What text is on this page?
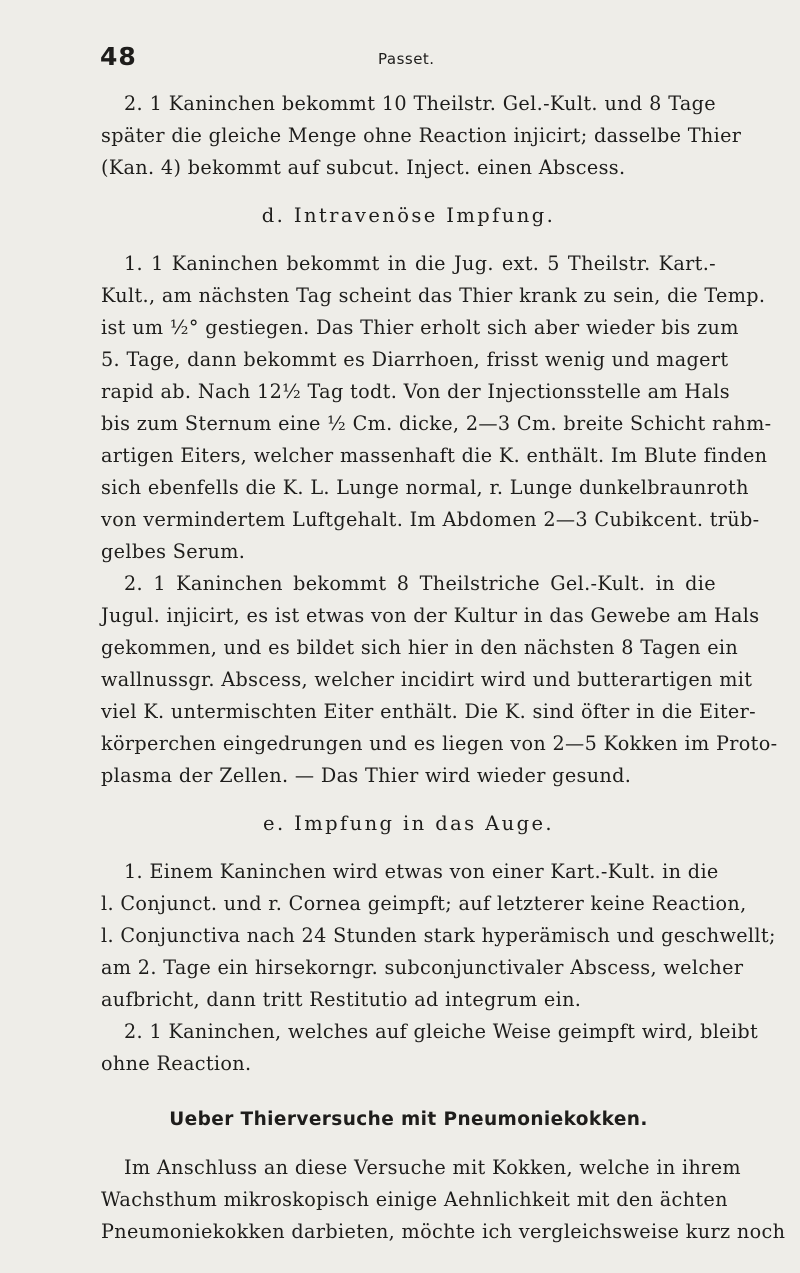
48	Passet.
2. 1 Kaninchen bekommt 10 Theilstr. Gel.-Kult. und 8 Tage
später die gleiche Menge ohne Reaction injicirt; dasselbe Thier
(Kan. 4) bekommt auf subcut. Inject. einen Abscess.
d. Intravenöse Impfung.
1. 1 Kaninchen bekommt in die Jug. ext. 5 Theilstr. Kart.-
Kult., am nächsten Tag scheint das Thier krank zu sein, die Temp.
ist um ½° gestiegen. Das Thier erholt sich aber wieder bis zum
5. Tage, dann bekommt es Diarrhoen, frisst wenig und magert
rapid ab. Nach 12½ Tag todt. Von der Injectionsstelle am Hals
bis zum Sternum eine ½ Cm. dicke, 2—3 Cm. breite Schicht rahm-
artigen Eiters, welcher massenhaft die K. enthält. Im Blute finden
sich ebenfells die K. L. Lunge normal, r. Lunge dunkelbraunroth
von vermindertem Luftgehalt. Im Abdomen 2—3 Cubikcent. trüb-
gelbes Serum.
2. 1 Kaninchen bekommt 8 Theilstriche Gel.-Kult. in die
Jugul. injicirt, es ist etwas von der Kultur in das Gewebe am Hals
gekommen, und es bildet sich hier in den nächsten 8 Tagen ein
wallnussgr. Abscess, welcher incidirt wird und butterartigen mit
viel K. untermischten Eiter enthält. Die K. sind öfter in die Eiter-
körperchen eingedrungen und es liegen von 2—5 Kokken im Proto-
plasma der Zellen. — Das Thier wird wieder gesund.
e. Impfung in das Auge.
1. Einem Kaninchen wird etwas von einer Kart.-Kult. in die
l. Conjunct. und r. Cornea geimpft; auf letzterer keine Reaction,
l. Conjunctiva nach 24 Stunden stark hyperämisch und geschwellt;
am 2. Tage ein hirsekorngr. subconjunctivaler Abscess, welcher
aufbricht, dann tritt Restitutio ad integrum ein.
2. 1 Kaninchen, welches auf gleiche Weise geimpft wird, bleibt
ohne Reaction.
Ueber Thierversuche mit Pneumoniekokken.
Im Anschluss an diese Versuche mit Kokken, welche in ihrem
Wachsthum mikroskopisch einige Aehnlichkeit mit den ächten
Pneumoniekokken darbieten, möchte ich vergleichsweise kurz noch
